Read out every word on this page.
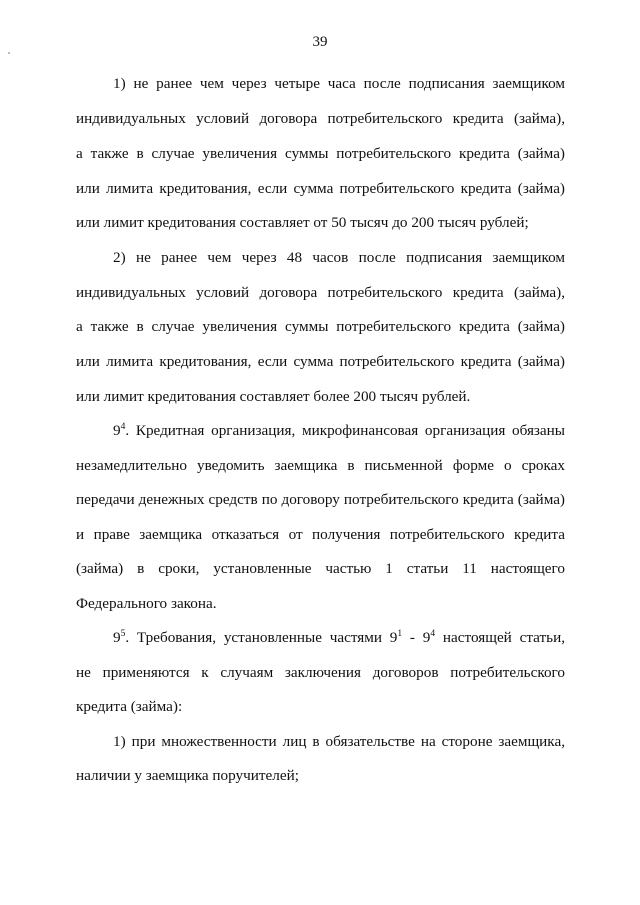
39
1) не ранее чем через четыре часа после подписания заемщиком
индивидуальных условий договора потребительского кредита (займа),
а также в случае увеличения суммы потребительского кредита (займа)
или лимита кредитования, если сумма потребительского кредита (займа)
или лимит кредитования составляет от 50 тысяч до 200 тысяч рублей;
2) не ранее чем через 48 часов после подписания заемщиком
индивидуальных условий договора потребительского кредита (займа),
а также в случае увеличения суммы потребительского кредита (займа)
или лимита кредитования, если сумма потребительского кредита (займа)
или лимит кредитования составляет более 200 тысяч рублей.
$9^4$. Кредитная организация, микрофинансовая организация обязаны
незамедлительно уведомить заемщика в письменной форме о сроках
передачи денежных средств по договору потребительского кредита (займа)
и праве заемщика отказаться от получения потребительского кредита
(займа) в сроки, установленные частью 1 статьи 11 настоящего
Федерального закона.
$9^5$. Требования, установленные частями $9^1 - 9^4$ настоящей статьи,
не применяются к случаям заключения договоров потребительского
кредита (займа):
1) при множественности лиц в обязательстве на стороне заемщика,
наличии у заемщика поручителей;
